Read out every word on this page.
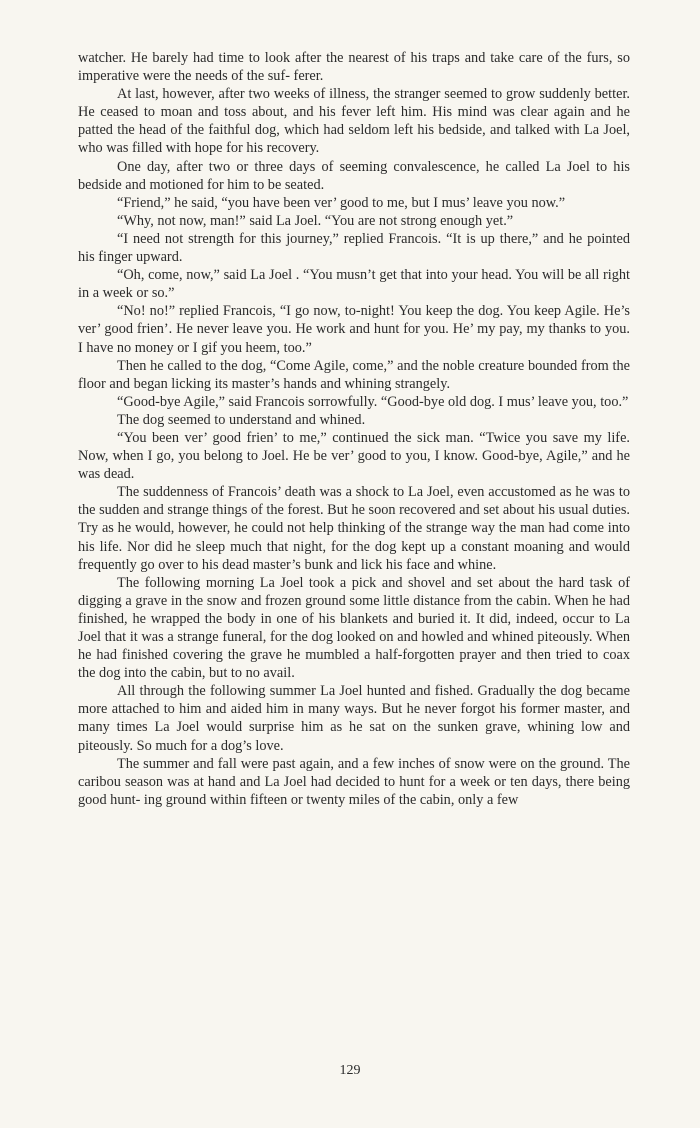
watcher. He barely had time to look after the nearest of his traps and take care of the furs, so imperative were the needs of the suf- ferer.

At last, however, after two weeks of illness, the stranger seemed to grow suddenly better. He ceased to moan and toss about, and his fever left him. His mind was clear again and he patted the head of the faithful dog, which had seldom left his bedside, and talked with La Joel, who was filled with hope for his recovery.

One day, after two or three days of seeming convalescence, he called La Joel to his bedside and motioned for him to be seated.

“Friend,” he said, “you have been ver’ good to me, but I mus’ leave you now.”

“Why, not now, man!” said La Joel. “You are not strong enough yet.”

“I need not strength for this journey,” replied Francois. “It is up there,” and he pointed his finger upward.

“Oh, come, now,” said La Joel . “You musn’t get that into your head. You will be all right in a week or so.”

“No! no!” replied Francois, “I go now, to-night! You keep the dog. You keep Agile. He’s ver’ good frien’. He never leave you. He work and hunt for you. He’ my pay, my thanks to you. I have no money or I gif you heem, too.”

Then he called to the dog, “Come Agile, come,” and the noble creature bounded from the floor and began licking its master’s hands and whining strangely.

“Good-bye Agile,” said Francois sorrowfully. “Good-bye old dog. I mus’ leave you, too.”

The dog seemed to understand and whined.

“You been ver’ good frien’ to me,” continued the sick man. “Twice you save my life. Now, when I go, you belong to Joel. He be ver’ good to you, I know. Good-bye, Agile,” and he was dead.

The suddenness of Francois’ death was a shock to La Joel, even accustomed as he was to the sudden and strange things of the forest. But he soon recovered and set about his usual duties. Try as he would, however, he could not help thinking of the strange way the man had come into his life. Nor did he sleep much that night, for the dog kept up a constant moaning and would frequently go over to his dead master’s bunk and lick his face and whine.

The following morning La Joel took a pick and shovel and set about the hard task of digging a grave in the snow and frozen ground some little distance from the cabin. When he had finished, he wrapped the body in one of his blankets and buried it. It did, indeed, occur to La Joel that it was a strange funeral, for the dog looked on and howled and whined piteously. When he had finished covering the grave he mumbled a half-forgotten prayer and then tried to coax the dog into the cabin, but to no avail.

All through the following summer La Joel hunted and fished. Gradually the dog became more attached to him and aided him in many ways. But he never forgot his former master, and many times La Joel would surprise him as he sat on the sunken grave, whining low and piteously. So much for a dog’s love.

The summer and fall were past again, and a few inches of snow were on the ground. The caribou season was at hand and La Joel had decided to hunt for a week or ten days, there being good hunt- ing ground within fifteen or twenty miles of the cabin, only a few

129
